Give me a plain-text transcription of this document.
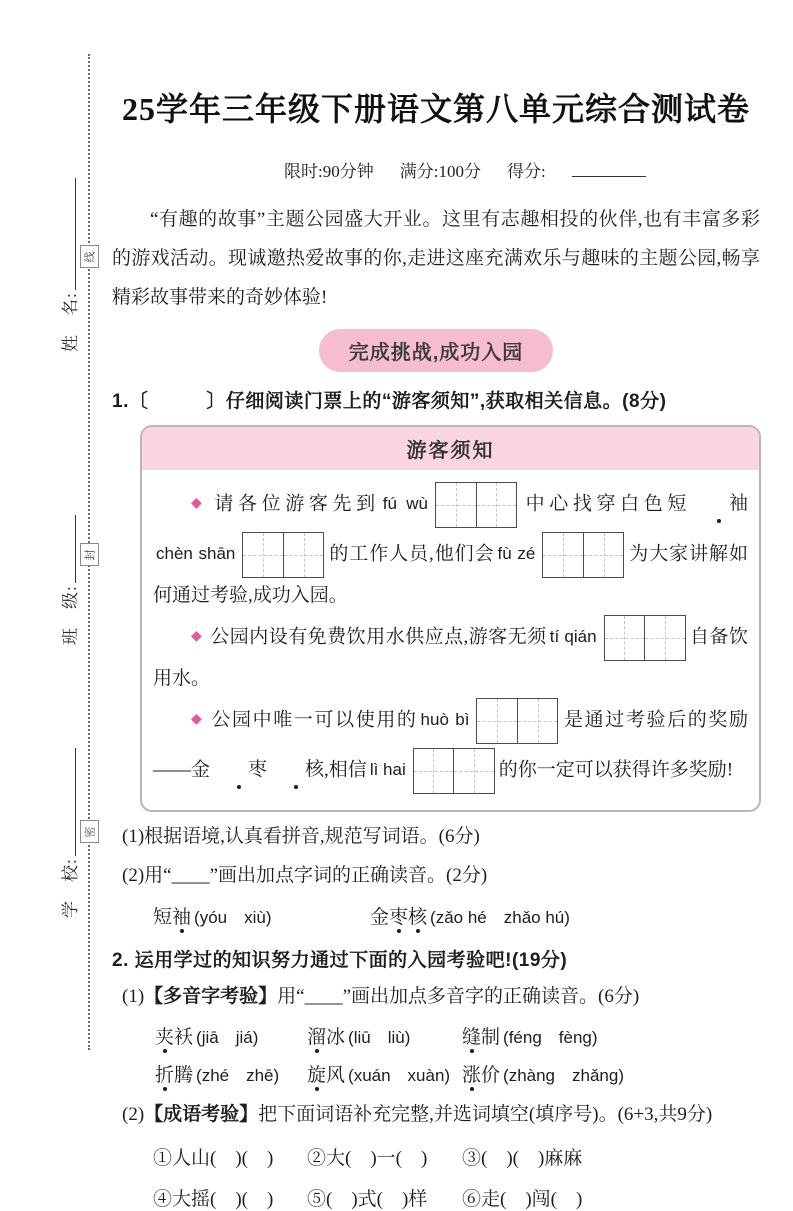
线
封
密
姓　名:
班　级:
学　校:
25学年三年级下册语文第八单元综合测试卷
限时:90分钟 满分:100分 得分:

“有趣的故事”主题公园盛大开业。这里有志趣相投的伙伴,也有丰富多彩的游戏活动。现诚邀热爱故事的你,走进这座充满欢乐与趣味的主题公园,畅享精彩故事带来的奇妙体验!

完成挑战,成功入园
1.〔	〕仔细阅读门票上的“游客须知”,获取相关信息。(8分)
游客须知

◆ 请各位游客先到 fú wù	中心找穿白色短 袖chèn shān	的工作人员,他们会 fù zé	为大家讲解如何通过考验,成功入园。

◆ 公园内设有免费饮用水供应点,游客无须 tí qián	自备饮用水。

◆ 公园中唯一可以使用的 huò bì	是通过考验后的奖励——金 枣 核,相信 lì hai	的你一定可以获得许多奖励!

(1)根据语境,认真看拼音,规范写词语。(6分)
(2)用“____”画出加点字词的正确读音。(2分)
短袖 (yóu　xiù)	金枣核 (zǎo hé　zhǎo hú)
2. 运用学过的知识努力通过下面的入园考验吧!(19分)
(1)【多音字考验】用“____”画出加点多音字的正确读音。(6分)
夹袄 (jiā　jiá)	溜冰 (liū　liù)	缝制 (féng　fèng)
折腾 (zhé　zhē)	旋风 (xuán　xuàn) 涨价 (zhàng　zhǎng)
(2)【成语考验】把下面词语补充完整,并选词填空(填序号)。(6+3,共9分)
①人山(　)(　)	②大(　)一(　)	③(　)(　)麻麻
④大摇(　)(　)	⑤(　)式(　)样	⑥走(　)闯(　)
